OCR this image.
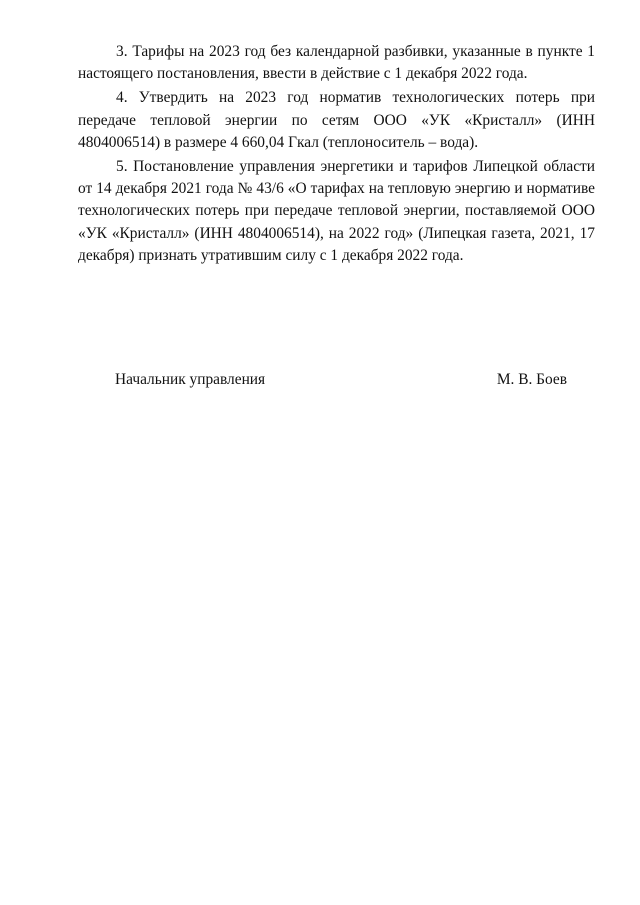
3. Тарифы на 2023 год без календарной разбивки, указанные в пункте 1 настоящего постановления, ввести в действие с 1 декабря 2022 года.

4. Утвердить на 2023 год норматив технологических потерь при передаче тепловой энергии по сетям ООО «УК «Кристалл» (ИНН 4804006514) в размере 4 660,04 Гкал (теплоноситель – вода).

5. Постановление управления энергетики и тарифов Липецкой области от 14 декабря 2021 года № 43/6 «О тарифах на тепловую энергию и нормативе технологических потерь при передаче тепловой энергии, поставляемой ООО «УК «Кристалл» (ИНН 4804006514), на 2022 год» (Липецкая газета, 2021, 17 декабря) признать утратившим силу с 1 декабря 2022 года.

Начальник управления	М. В. Боев
